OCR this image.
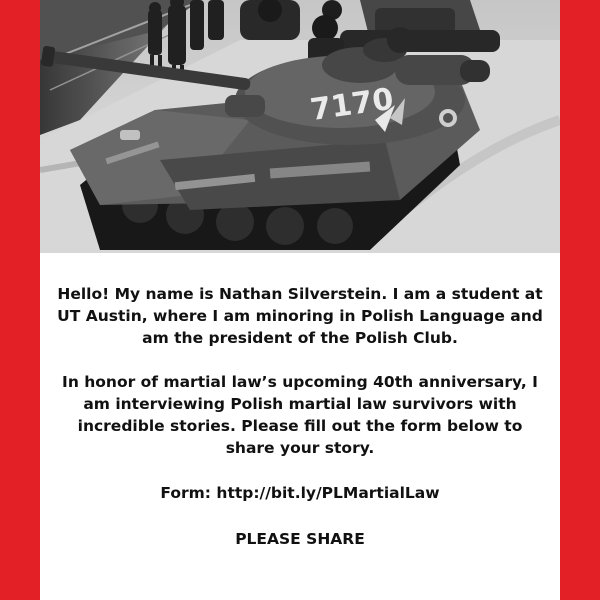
Hello! My name is Nathan Silverstein. I am a student at UT Austin, where I am minoring in Polish Language and am the president of the Polish Club.

In honor of martial law’s upcoming 40th anniversary, I am interviewing Polish martial law survivors with incredible stories. Please fill out the form below to share your story.

Form: http://bit.ly/PLMartialLaw
PLEASE SHARE
